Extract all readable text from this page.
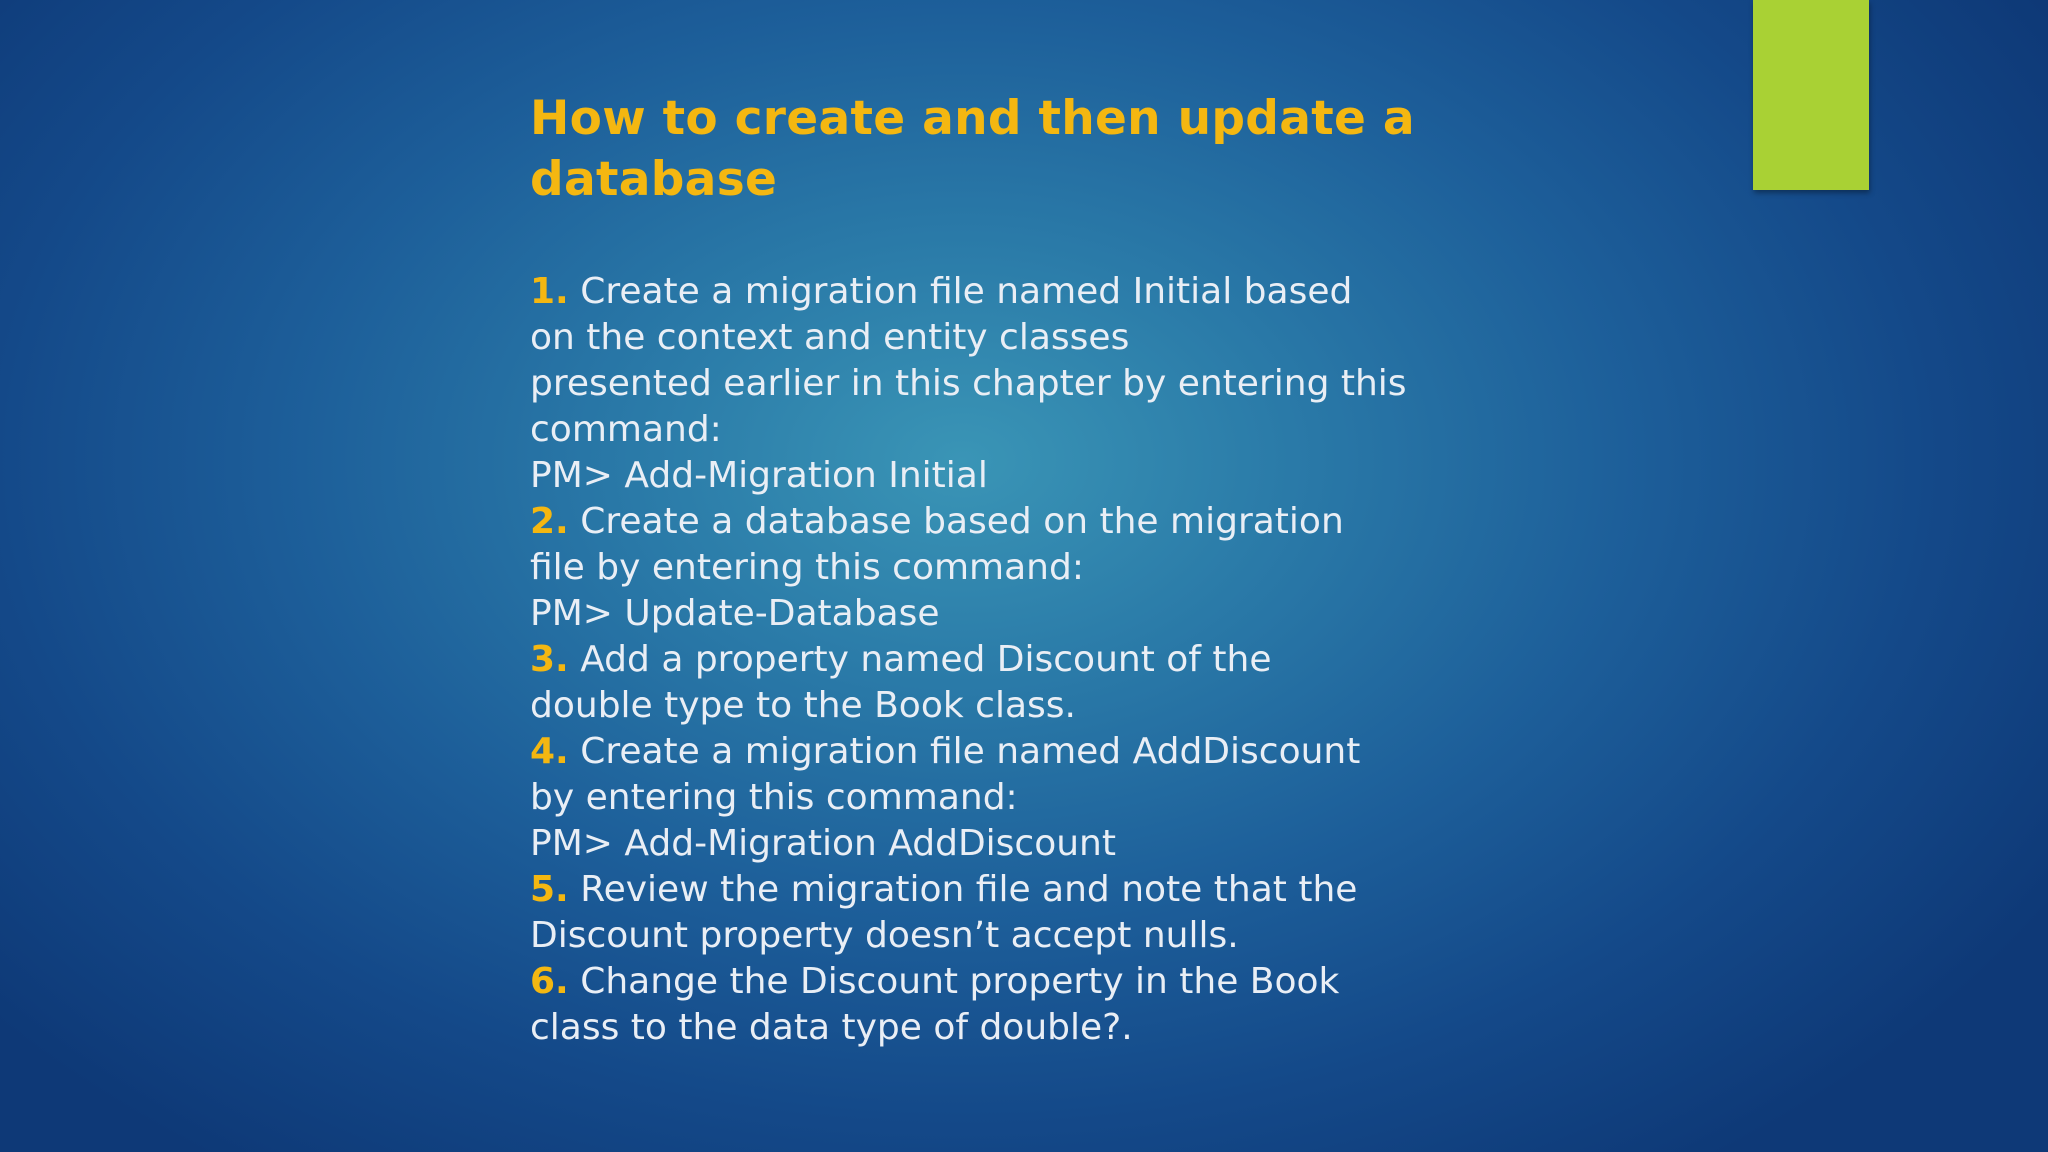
How to create and then update a
database
1. Create a migration file named Initial based
on the context and entity classes
presented earlier in this chapter by entering this
command:
PM> Add-Migration Initial
2. Create a database based on the migration
file by entering this command:
PM> Update-Database
3. Add a property named Discount of the
double type to the Book class.
4. Create a migration file named AddDiscount
by entering this command:
PM> Add-Migration AddDiscount
5. Review the migration file and note that the
Discount property doesn’t accept nulls.
6. Change the Discount property in the Book
class to the data type of double?.
